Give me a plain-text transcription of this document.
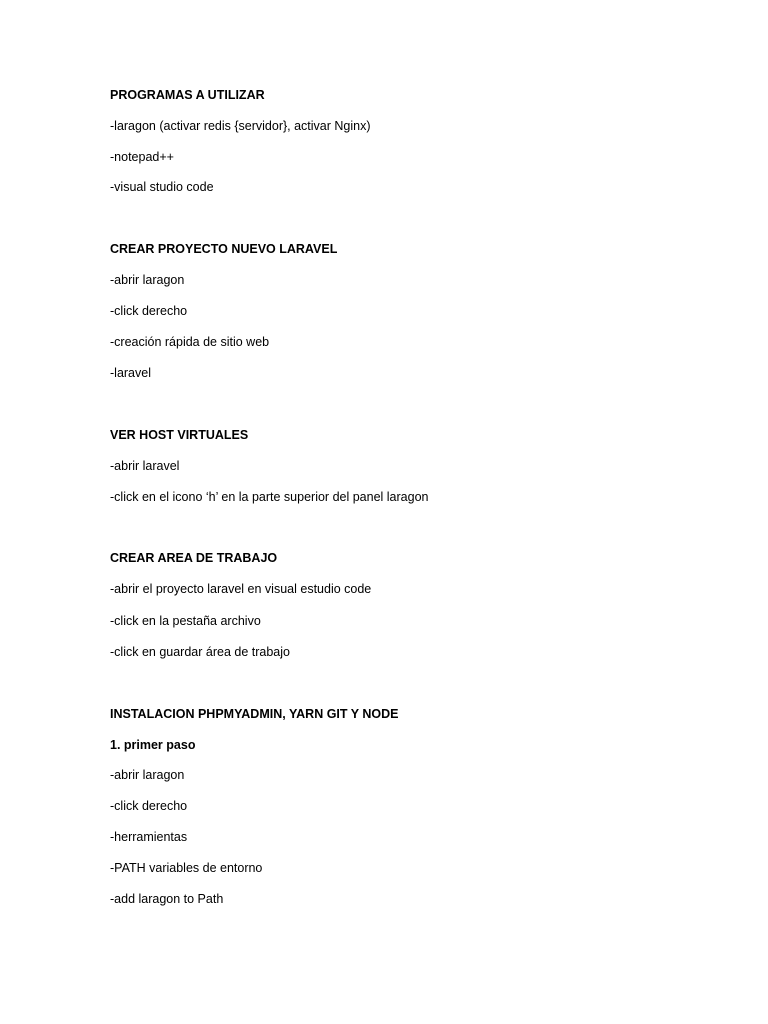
PROGRAMAS A UTILIZAR
-laragon (activar redis {servidor}, activar Nginx)
-notepad++
-visual studio code
CREAR PROYECTO NUEVO LARAVEL
-abrir laragon
-click derecho
-creación rápida de sitio web
-laravel
VER HOST VIRTUALES
-abrir laravel
-click en el icono ‘h’ en la parte superior del panel laragon
CREAR AREA DE TRABAJO
-abrir el proyecto laravel en visual estudio code
-click en la pestaña archivo
-click en guardar área de trabajo
INSTALACION PHPMYADMIN, YARN GIT Y NODE
1. primer paso
-abrir laragon
-click derecho
-herramientas
-PATH variables de entorno
-add laragon to Path
